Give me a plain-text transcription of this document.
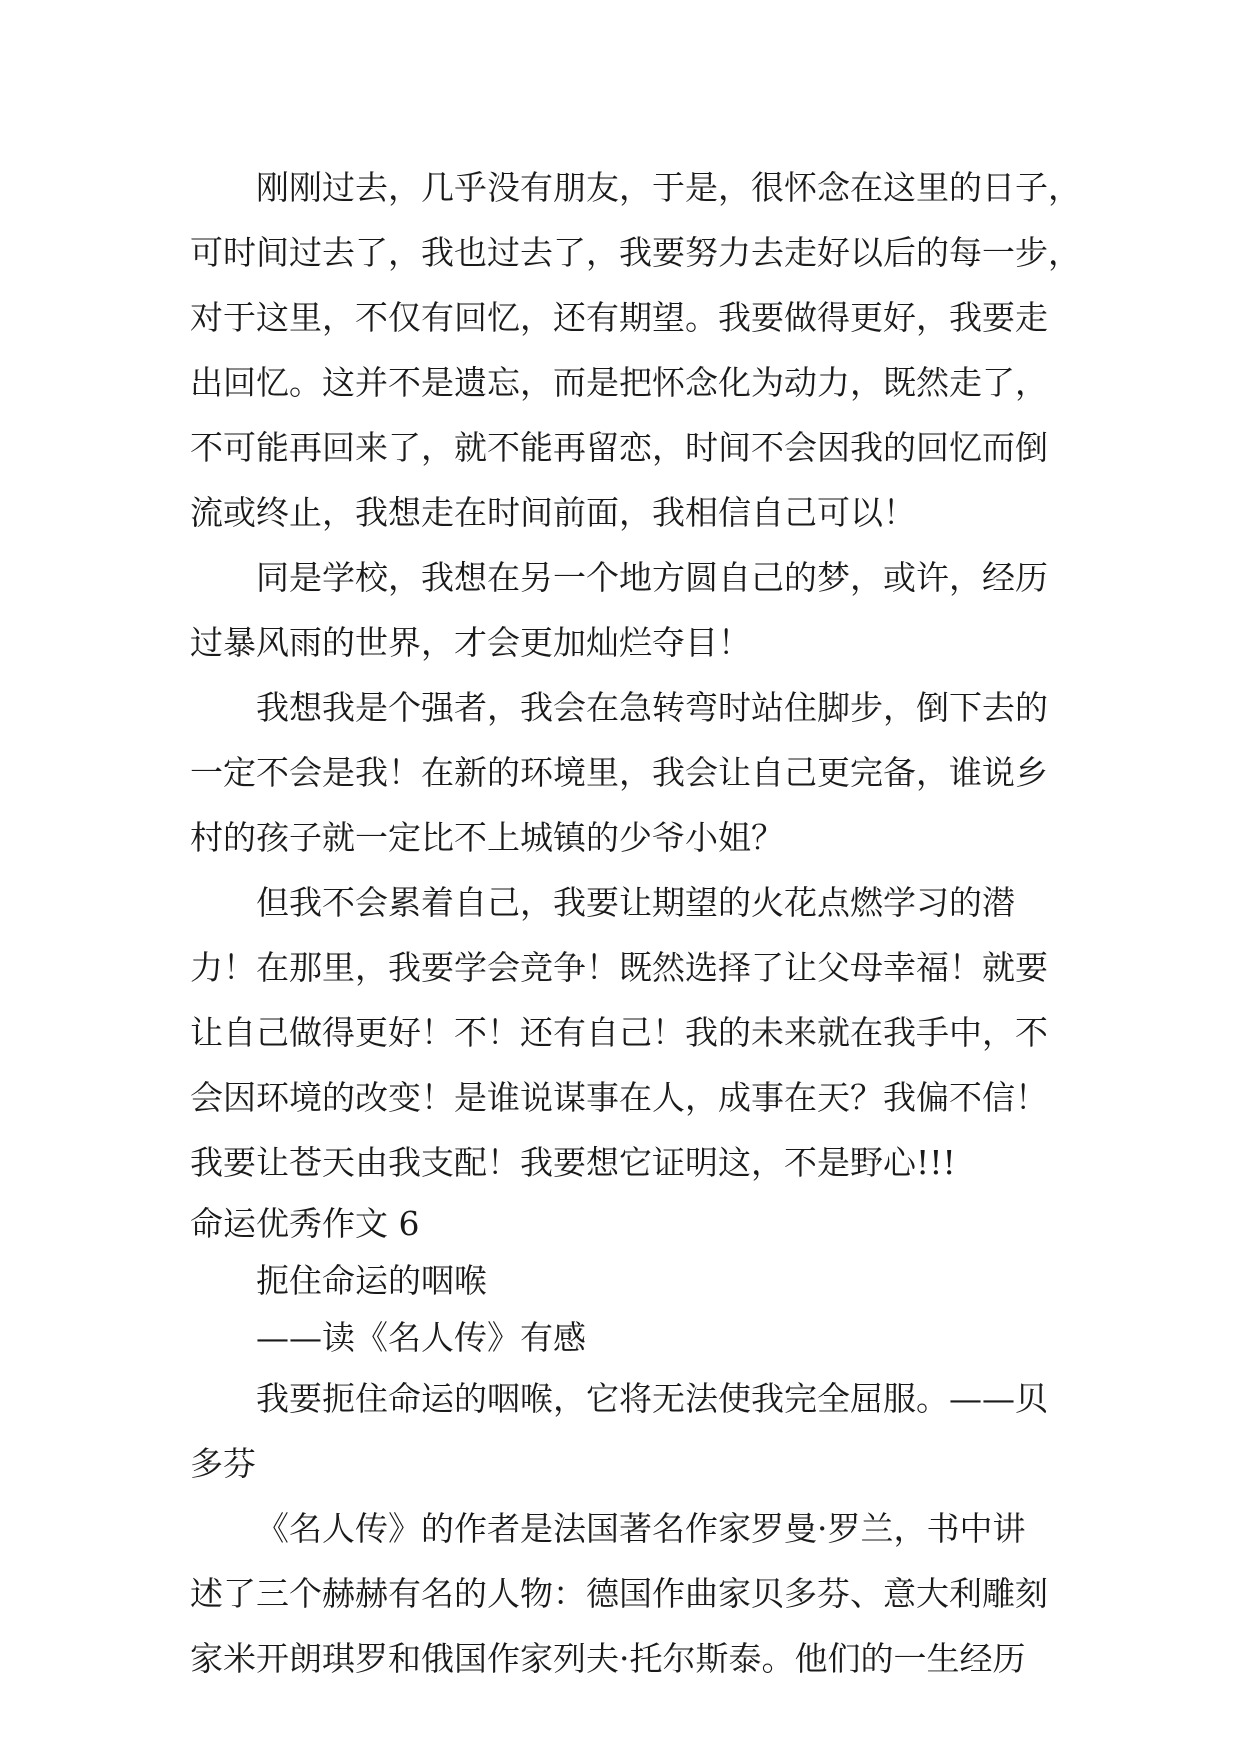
刚刚过去，几乎没有朋友，于是，很怀念在这里的日子，
可时间过去了，我也过去了，我要努力去走好以后的每一步，
对于这里，不仅有回忆，还有期望。我要做得更好，我要走
出回忆。这并不是遗忘，而是把怀念化为动力，既然走了，
不可能再回来了，就不能再留恋，时间不会因我的回忆而倒
流或终止，我想走在时间前面，我相信自己可以！
同是学校，我想在另一个地方圆自己的梦，或许，经历
过暴风雨的世界，才会更加灿烂夺目！
我想我是个强者，我会在急转弯时站住脚步，倒下去的
一定不会是我！在新的环境里，我会让自己更完备，谁说乡
村的孩子就一定比不上城镇的少爷小姐？
但我不会累着自己，我要让期望的火花点燃学习的潜
力！在那里，我要学会竞争！既然选择了让父母幸福！就要
让自己做得更好！不！还有自己！我的未来就在我手中，不
会因环境的改变！是谁说谋事在人，成事在天？我偏不信！
我要让苍天由我支配！我要想它证明这，不是野心!!!
命运优秀作文 6
扼住命运的咽喉
——读《名人传》有感
我要扼住命运的咽喉，它将无法使我完全屈服。——贝
多芬
《名人传》的作者是法国著名作家罗曼·罗兰，书中讲
述了三个赫赫有名的人物：德国作曲家贝多芬、意大利雕刻
家米开朗琪罗和俄国作家列夫·托尔斯泰。他们的一生经历
